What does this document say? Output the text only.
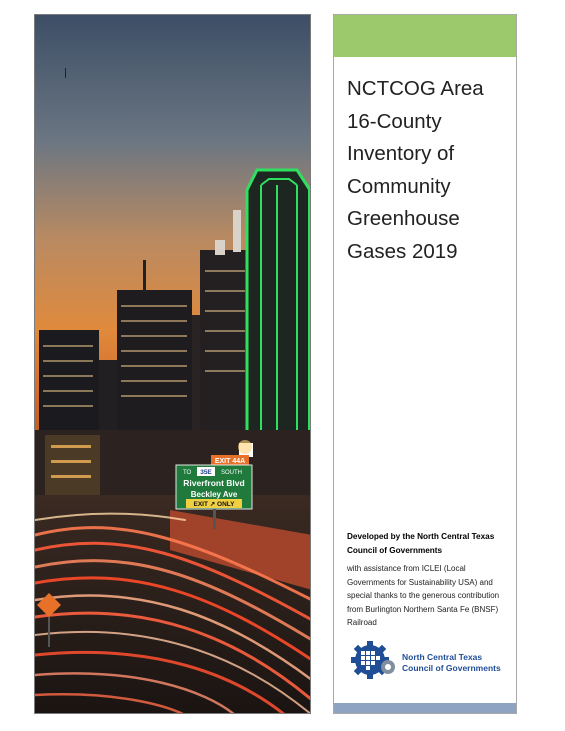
EXIT 44A
TO 35E SOUTH
Riverfront Blvd
Beckley Ave
EXIT ↗ ONLY
NCTCOG Area
16-County
Inventory of
Community
Greenhouse
Gases 2019

Developed by the North Central Texas Council of Governments

with assistance from ICLEI (Local Governments for Sustainability USA) and special thanks to the generous contribution from Burlington Northern Santa Fe (BNSF) Railroad

North Central Texas
Council of Governments
